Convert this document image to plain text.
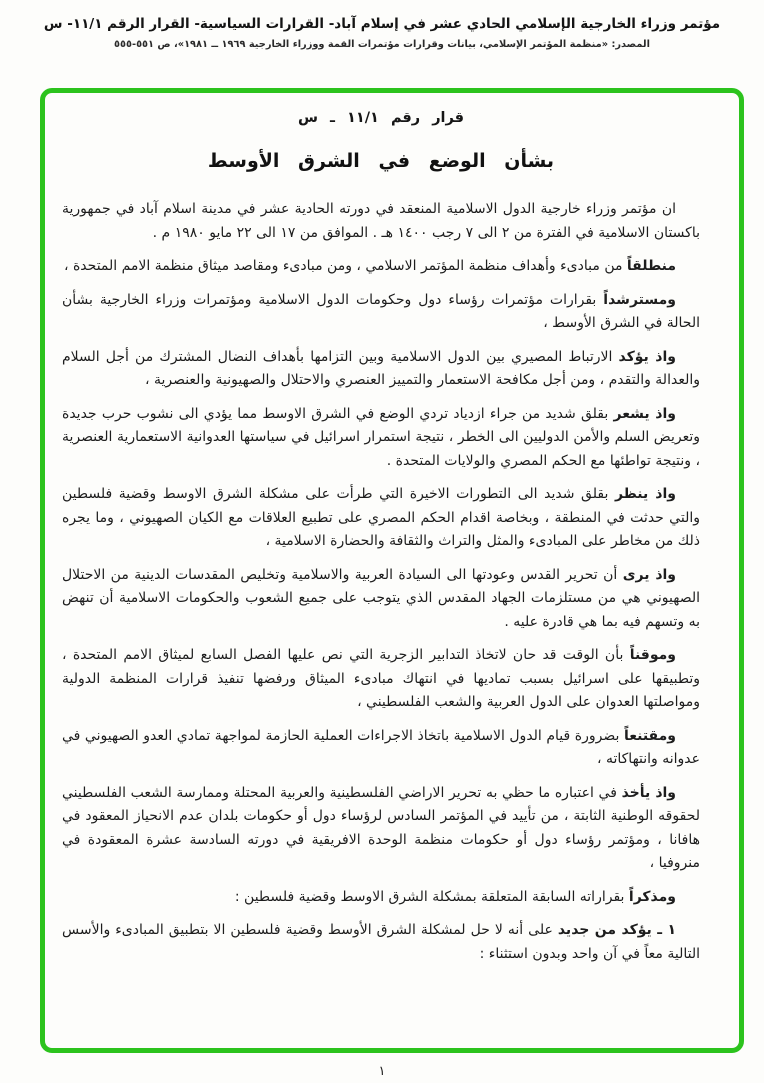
مؤتمر وزراء الخارجية الإسلامي الحادي عشر في إسلام آباد- القرارات السياسية- القرار الرقم ١١/١- س
المصدر: «منظمة المؤتمر الإسلامي، بيانات وقرارات مؤتمرات القمة ووزراء الخارجية ١٩٦٩ ــ ١٩٨١»، ص ٥٥١-٥٥٥
قرار رقم ١١/١ ـ س
بشأن الوضع في الشرق الأوسط

ان مؤتمر وزراء خارجية الدول الاسلامية المنعقد في دورته الحادية عشر في مدينة اسلام آباد في جمهورية باكستان الاسلامية في الفترة من ٢ الى ٧ رجب ١٤٠٠ هـ . الموافق من ١٧ الى ٢٢ مايو ١٩٨٠ م .

منطلقاً من مبادىء وأهداف منظمة المؤتمر الاسلامي ، ومن مبادىء ومقاصد ميثاق منظمة الامم المتحدة ،

ومسترشداً بقرارات مؤتمرات رؤساء دول وحكومات الدول الاسلامية ومؤتمرات وزراء الخارجية بشأن الحالة في الشرق الأوسط ،

واذ يؤكد الارتباط المصيري بين الدول الاسلامية وبين التزامها بأهداف النضال المشترك من أجل السلام والعدالة والتقدم ، ومن أجل مكافحة الاستعمار والتمييز العنصري والاحتلال والصهيونية والعنصرية ،

واذ يشعر بقلق شديد من جراء ازدياد تردي الوضع في الشرق الاوسط مما يؤدي الى نشوب حرب جديدة وتعريض السلم والأمن الدوليين الى الخطر ، نتيجة استمرار اسرائيل في سياستها العدوانية الاستعمارية العنصرية ، ونتيجة تواطئها مع الحكم المصري والولايات المتحدة .

واذ ينظر بقلق شديد الى التطورات الاخيرة التي طرأت على مشكلة الشرق الاوسط وقضية فلسطين والتي حدثت في المنطقة ، وبخاصة اقدام الحكم المصري على تطبيع العلاقات مع الكيان الصهيوني ، وما يجره ذلك من مخاطر على المبادىء والمثل والتراث والثقافة والحضارة الاسلامية ،

واذ يرى أن تحرير القدس وعودتها الى السيادة العربية والاسلامية وتخليص المقدسات الدينية من الاحتلال الصهيوني هي من مستلزمات الجهاد المقدس الذي يتوجب على جميع الشعوب والحكومات الاسلامية أن تنهض به وتسهم فيه بما هي قادرة عليه .

وموقناً بأن الوقت قد حان لاتخاذ التدابير الزجرية التي نص عليها الفصل السابع لميثاق الامم المتحدة ، وتطبيقها على اسرائيل بسبب تماديها في انتهاك مبادىء الميثاق ورفضها تنفيذ قرارات المنظمة الدولية ومواصلتها العدوان على الدول العربية والشعب الفلسطيني ،

ومقتنعاً بضرورة قيام الدول الاسلامية باتخاذ الاجراءات العملية الحازمة لمواجهة تمادي العدو الصهيوني في عدوانه وانتهاكاته ،

واذ يأخذ في اعتباره ما حظي به تحرير الاراضي الفلسطينية والعربية المحتلة وممارسة الشعب الفلسطيني لحقوقه الوطنية الثابتة ، من تأييد في المؤتمر السادس لرؤساء دول أو حكومات بلدان عدم الانحياز المعقود في هافانا ، ومؤتمر رؤساء دول أو حكومات منظمة الوحدة الافريقية في دورته السادسة عشرة المعقودة في منروفيا ،

ومذكراً بقراراته السابقة المتعلقة بمشكلة الشرق الاوسط وقضية فلسطين :

١ ـ يؤكد من جديد على أنه لا حل لمشكلة الشرق الأوسط وقضية فلسطين الا بتطبيق المبادىء والأسس التالية معاً في آن واحد وبدون استثناء :

١
